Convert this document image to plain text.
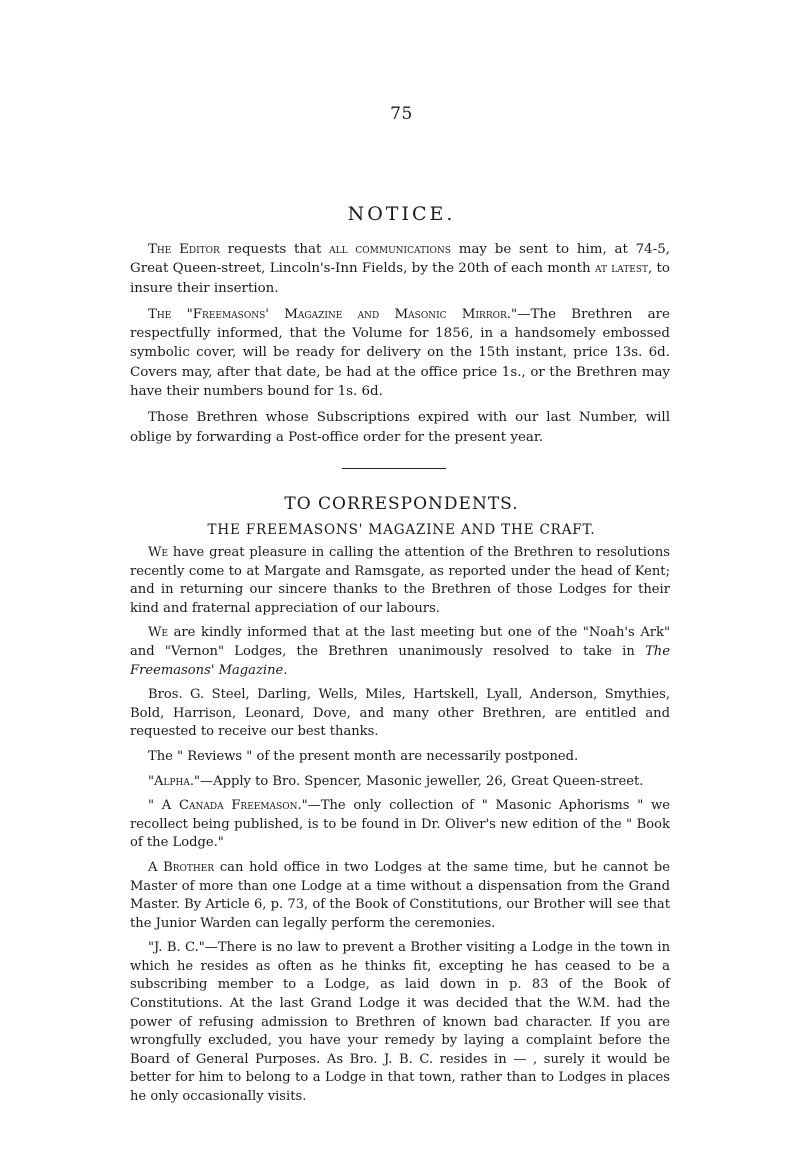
75
NOTICE.

The Editor requests that all communications may be sent to him, at 74-5, Great Queen-street, Lincoln's-Inn Fields, by the 20th of each month at latest, to insure their insertion.

The "Freemasons' Magazine and Masonic Mirror."—The Brethren are respectfully informed, that the Volume for 1856, in a handsomely embossed symbolic cover, will be ready for delivery on the 15th instant, price 13s. 6d. Covers may, after that date, be had at the office price 1s., or the Brethren may have their numbers bound for 1s. 6d.

Those Brethren whose Subscriptions expired with our last Number, will oblige by forwarding a Post-office order for the present year.

TO CORRESPONDENTS.
THE FREEMASONS' MAGAZINE AND THE CRAFT.

We have great pleasure in calling the attention of the Brethren to resolutions recently come to at Margate and Ramsgate, as reported under the head of Kent; and in returning our sincere thanks to the Brethren of those Lodges for their kind and fraternal appreciation of our labours.

We are kindly informed that at the last meeting but one of the "Noah's Ark" and "Vernon" Lodges, the Brethren unanimously resolved to take in The Freemasons' Magazine.

Bros. G. Steel, Darling, Wells, Miles, Hartskell, Lyall, Anderson, Smythies, Bold, Harrison, Leonard, Dove, and many other Brethren, are entitled and requested to receive our best thanks.

The " Reviews " of the present month are necessarily postponed.

"Alpha."—Apply to Bro. Spencer, Masonic jeweller, 26, Great Queen-street.

" A Canada Freemason."—The only collection of " Masonic Aphorisms " we recollect being published, is to be found in Dr. Oliver's new edition of the " Book of the Lodge."

A Brother can hold office in two Lodges at the same time, but he cannot be Master of more than one Lodge at a time without a dispensation from the Grand Master. By Article 6, p. 73, of the Book of Constitutions, our Brother will see that the Junior Warden can legally perform the ceremonies.

"J. B. C."—There is no law to prevent a Brother visiting a Lodge in the town in which he resides as often as he thinks fit, excepting he has ceased to be a subscribing member to a Lodge, as laid down in p. 83 of the Book of Constitutions. At the last Grand Lodge it was decided that the W.M. had the power of refusing admission to Brethren of known bad character. If you are wrongfully excluded, you have your remedy by laying a complaint before the Board of General Purposes. As Bro. J. B. C. resides in — , surely it would be better for him to belong to a Lodge in that town, rather than to Lodges in places he only occasionally visits.
